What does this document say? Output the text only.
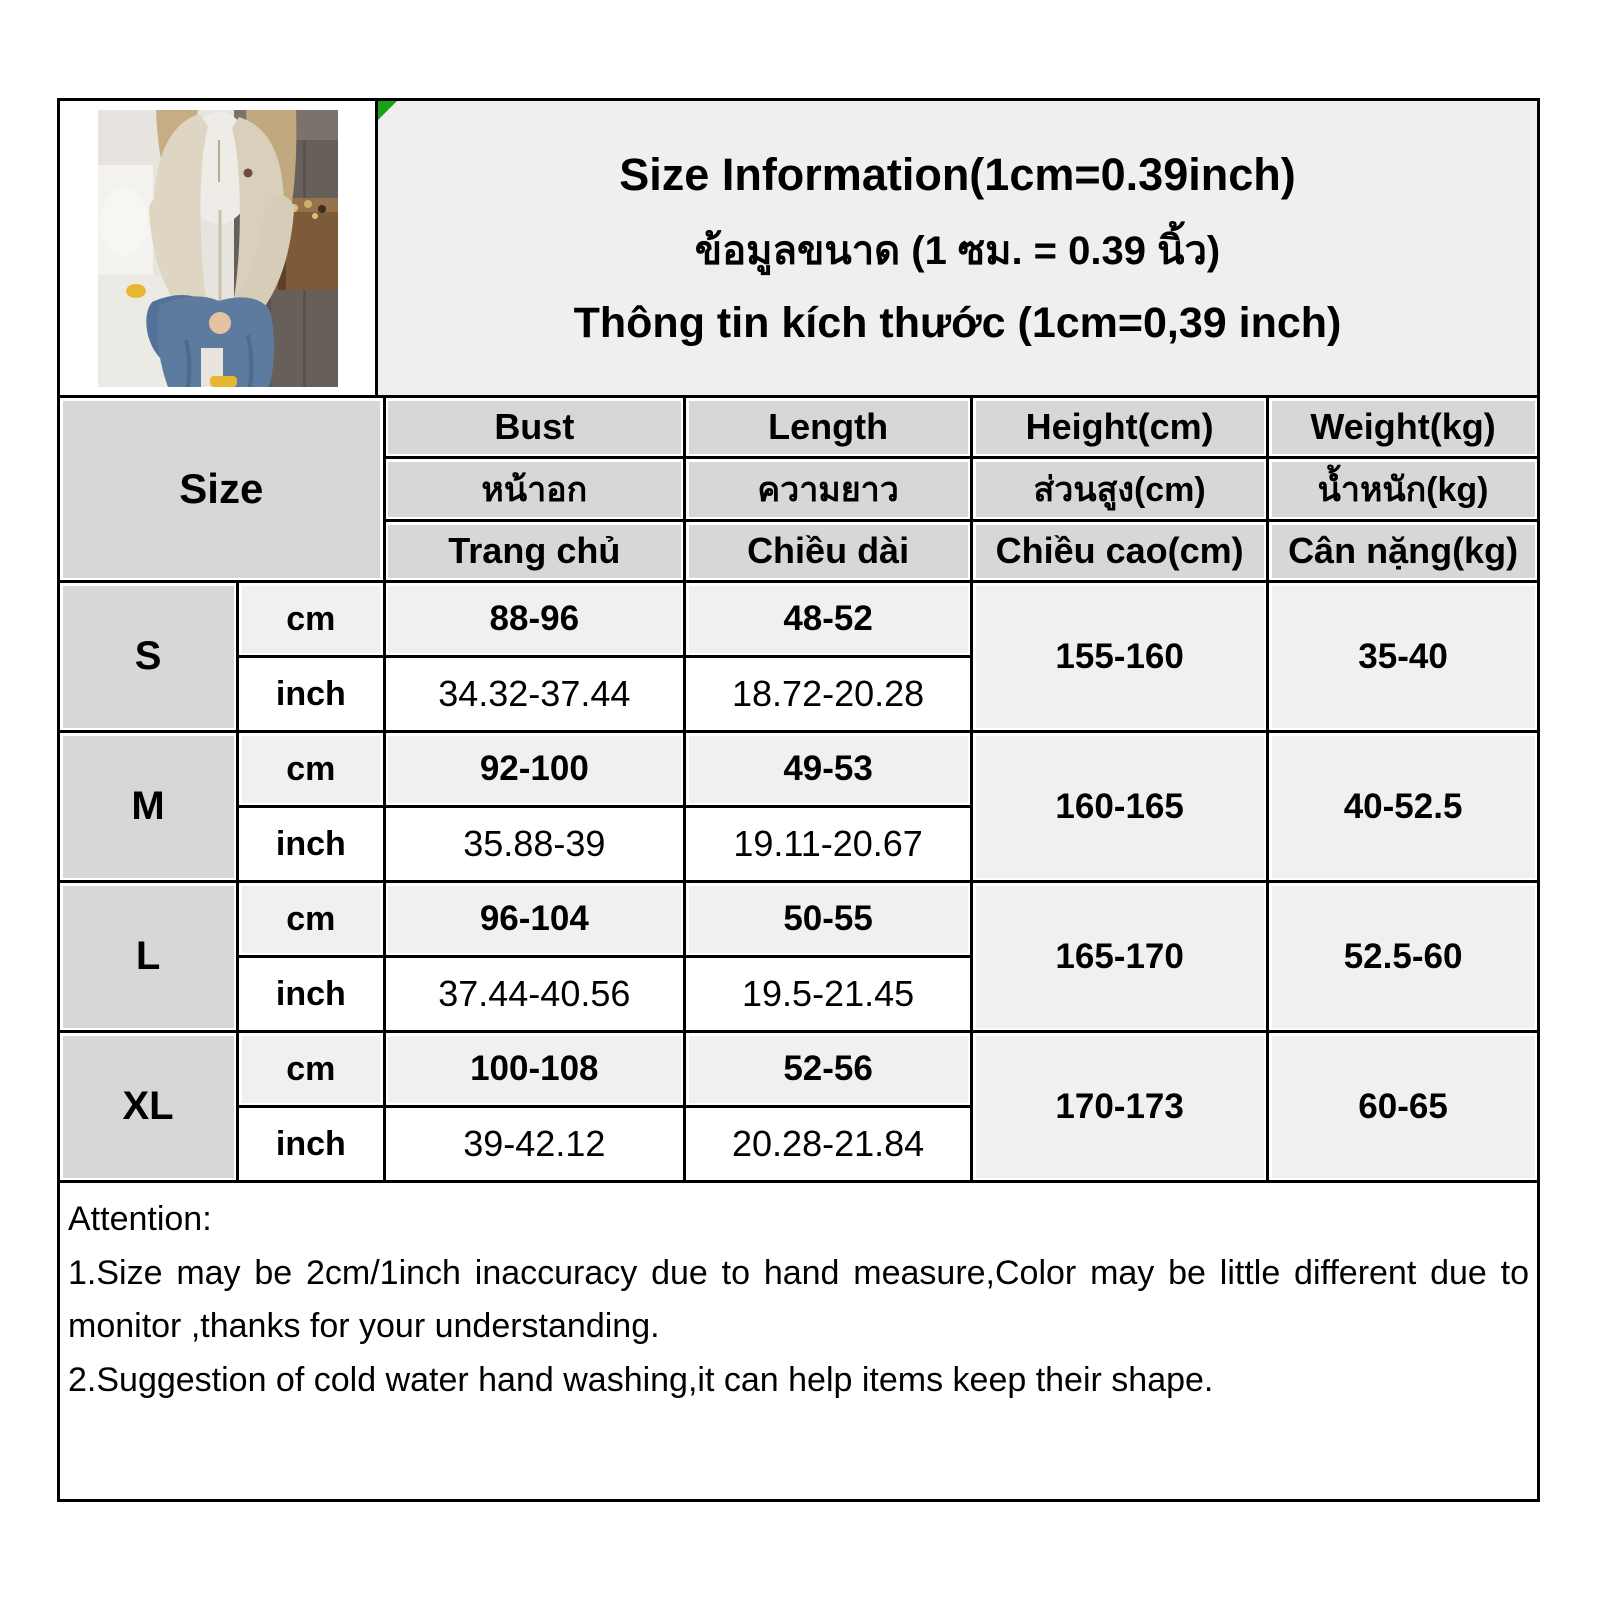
Size Information(1cm=0.39inch)
ข้อมูลขนาด (1 ซม. = 0.39 นิ้ว)
Thông tin kích thước (1cm=0,39 inch)
Size		Bust	Length	Height(cm)	Weight(kg)
		หน้าอก	ความยาว	ส่วนสูง(cm)	น้ำหนัก(kg)
		Trang chủ	Chiều dài	Chiều cao(cm)	Cân nặng(kg)
S	cm	88-96	48-52	155-160	35-40
	inch	34.32-37.44	18.72-20.28		
M	cm	92-100	49-53	160-165	40-52.5
	inch	35.88-39	19.11-20.67		
L	cm	96-104	50-55	165-170	52.5-60
	inch	37.44-40.56	19.5-21.45		
XL	cm	100-108	52-56	170-173	60-65
	inch	39-42.12	20.28-21.84		
Attention:
1.Size may be 2cm/1inch inaccuracy due to hand measure,Color may be little different due to monitor ,thanks for your understanding.
2.Suggestion of cold water hand washing,it can help items keep their shape.
